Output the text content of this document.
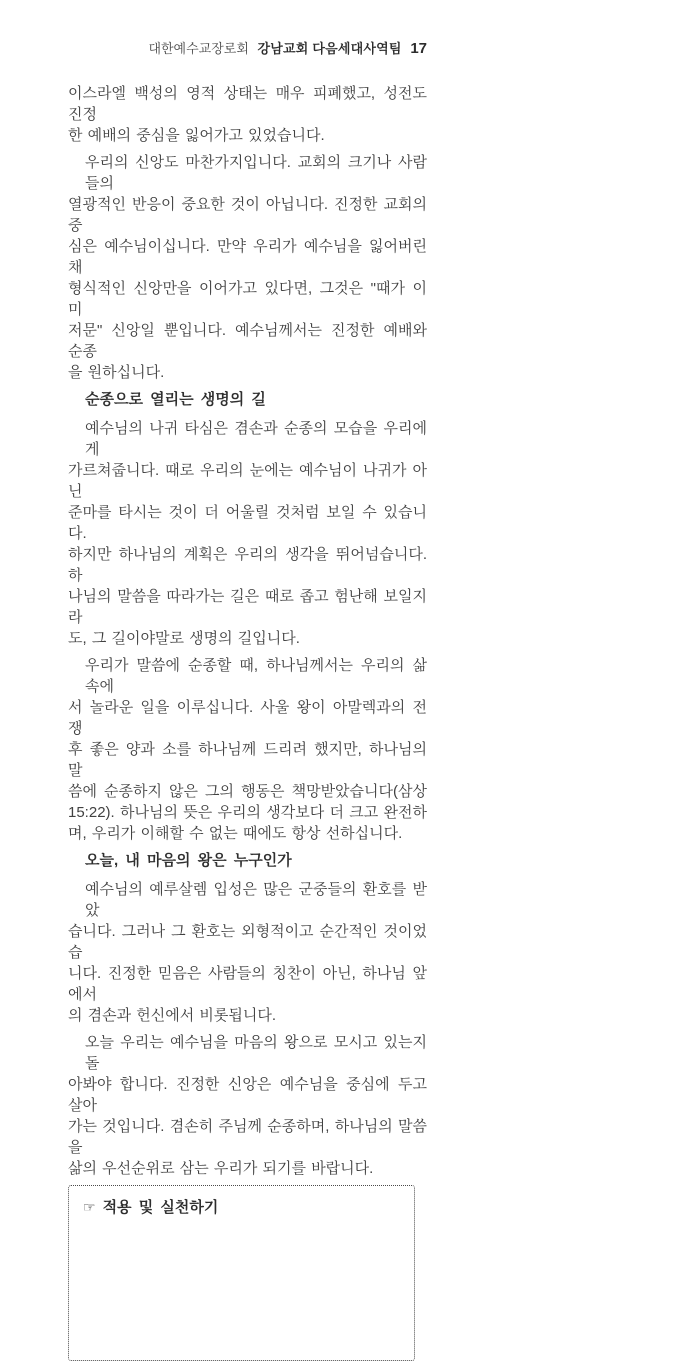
대한예수교장로회 강남교회 다음세대사역팀 17
이스라엘 백성의 영적 상태는 매우 피폐했고, 성전도 진정
한 예배의 중심을 잃어가고 있었습니다.
우리의 신앙도 마찬가지입니다. 교회의 크기나 사람들의
열광적인 반응이 중요한 것이 아닙니다. 진정한 교회의 중
심은 예수님이십니다. 만약 우리가 예수님을 잃어버린 채
형식적인 신앙만을 이어가고 있다면, 그것은 "때가 이미
저문" 신앙일 뿐입니다. 예수님께서는 진정한 예배와 순종
을 원하십니다.
순종으로 열리는 생명의 길
예수님의 나귀 타심은 겸손과 순종의 모습을 우리에게
가르쳐줍니다. 때로 우리의 눈에는 예수님이 나귀가 아닌
준마를 타시는 것이 더 어울릴 것처럼 보일 수 있습니다.
하지만 하나님의 계획은 우리의 생각을 뛰어넘습니다. 하
나님의 말씀을 따라가는 길은 때로 좁고 험난해 보일지라
도, 그 길이야말로 생명의 길입니다.
우리가 말씀에 순종할 때, 하나님께서는 우리의 삶 속에
서 놀라운 일을 이루십니다. 사울 왕이 아말렉과의 전쟁
후 좋은 양과 소를 하나님께 드리려 했지만, 하나님의 말
씀에 순종하지 않은 그의 행동은 책망받았습니다(삼상
15:22). 하나님의 뜻은 우리의 생각보다 더 크고 완전하
며, 우리가 이해할 수 없는 때에도 항상 선하십니다.
오늘, 내 마음의 왕은 누구인가
예수님의 예루살렘 입성은 많은 군중들의 환호를 받았
습니다. 그러나 그 환호는 외형적이고 순간적인 것이었습
니다. 진정한 믿음은 사람들의 칭찬이 아닌, 하나님 앞에서
의 겸손과 헌신에서 비롯됩니다.
오늘 우리는 예수님을 마음의 왕으로 모시고 있는지 돌
아봐야 합니다. 진정한 신앙은 예수님을 중심에 두고 살아
가는 것입니다. 겸손히 주님께 순종하며, 하나님의 말씀을
삶의 우선순위로 삼는 우리가 되기를 바랍니다.
☞ 적용 및 실천하기
